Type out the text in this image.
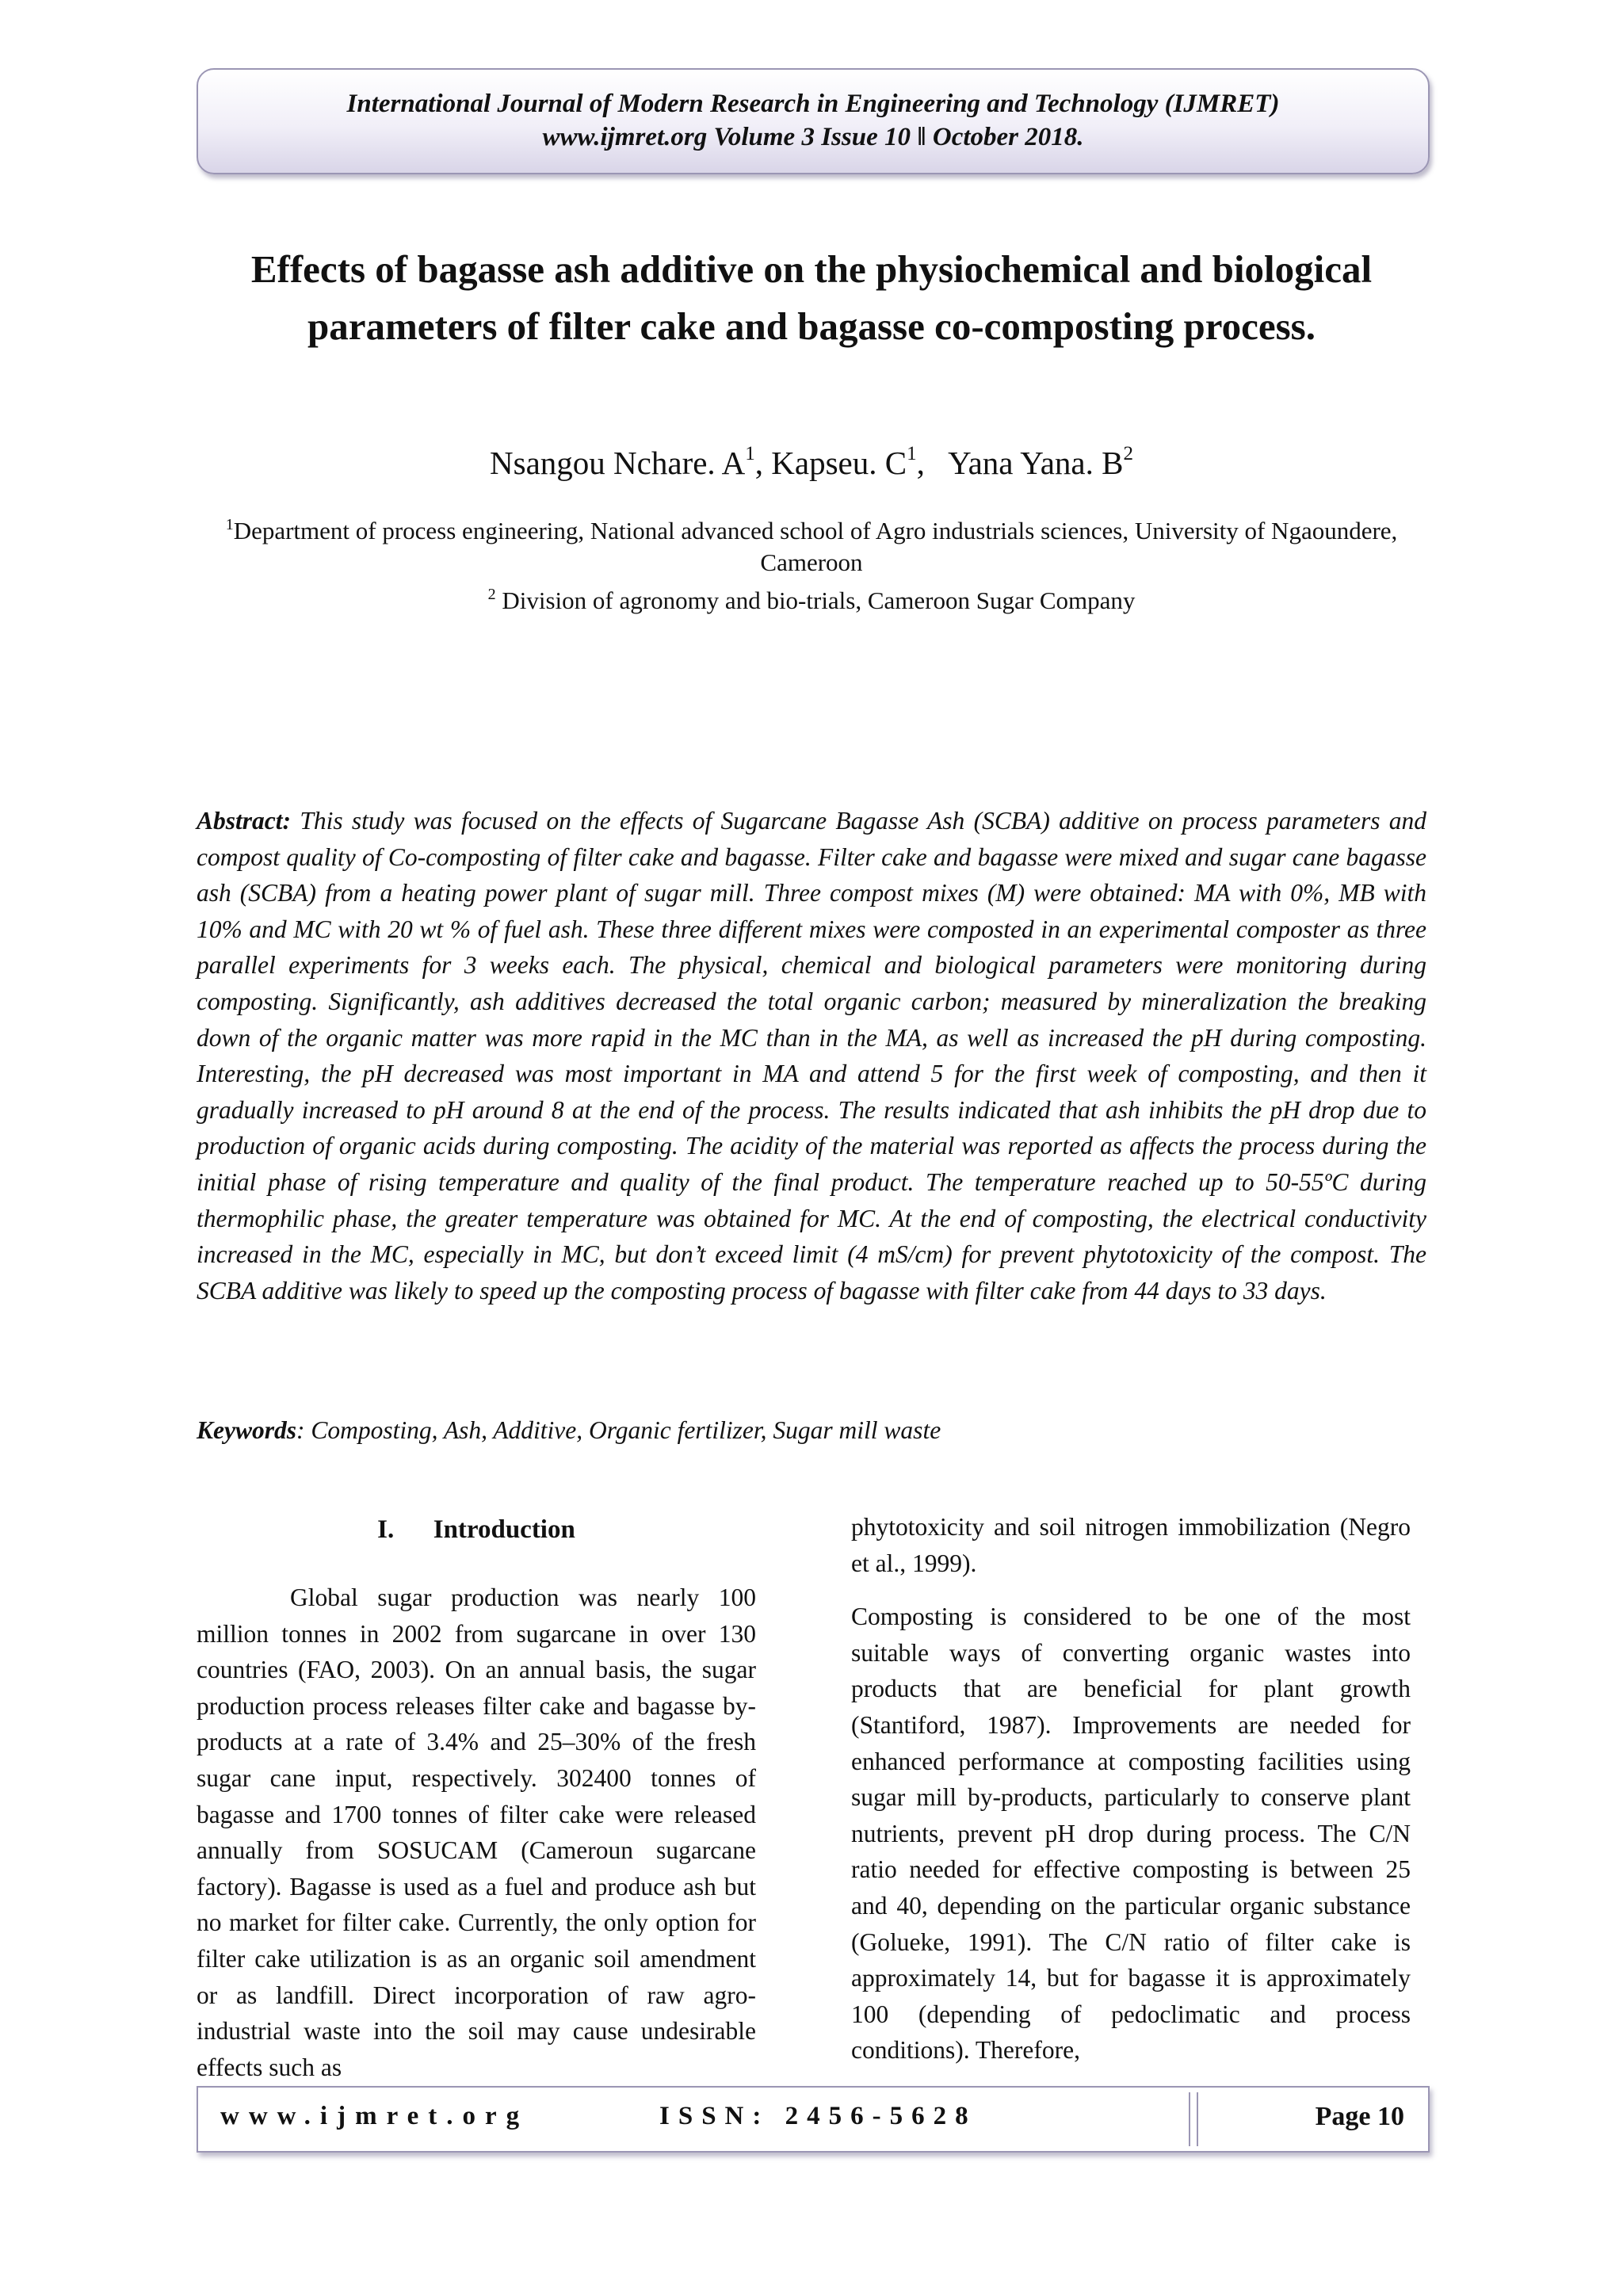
International Journal of Modern Research in Engineering and Technology (IJMRET)
www.ijmret.org Volume 3 Issue 10 ǁ October 2018.
Effects of bagasse ash additive on the physiochemical and biological parameters of filter cake and bagasse co-composting process.
Nsangou Nchare. $A^1$, Kapseu. $C^1$,   Yana Yana. $B^2$
$^1$Department of process engineering, National advanced school of Agro industrials sciences, University of Ngaoundere, Cameroon
$^2$ Division of agronomy and bio-trials, Cameroon Sugar Company
Abstract: This study was focused on the effects of Sugarcane Bagasse Ash (SCBA) additive on process parameters and compost quality of Co-composting of filter cake and bagasse. Filter cake and bagasse were mixed and sugar cane bagasse ash (SCBA) from a heating power plant of sugar mill. Three compost mixes (M) were obtained: MA with 0%, MB with 10% and MC with 20 wt % of fuel ash. These three different mixes were composted in an experimental composter as three parallel experiments for 3 weeks each. The physical, chemical and biological parameters were monitoring during composting. Significantly, ash additives decreased the total organic carbon; measured by mineralization the breaking down of the organic matter was more rapid in the MC than in the MA, as well as increased the pH during composting. Interesting, the pH decreased was most important in MA and attend 5 for the first week of composting, and then it gradually increased to pH around 8 at the end of the process. The results indicated that ash inhibits the pH drop due to production of organic acids during composting. The acidity of the material was reported as affects the process during the initial phase of rising temperature and quality of the final product. The temperature reached up to 50-55ºC during thermophilic phase, the greater temperature was obtained for MC. At the end of composting, the electrical conductivity increased in the MC, especially in MC, but don’t exceed limit (4 mS/cm) for prevent phytotoxicity of the compost. The SCBA additive was likely to speed up the composting process of bagasse with filter cake from 44 days to 33 days.
Keywords: Composting, Ash, Additive, Organic fertilizer, Sugar mill waste
I. Introduction

Global sugar production was nearly 100 million tonnes in 2002 from sugarcane in over 130 countries (FAO, 2003). On an annual basis, the sugar production process releases filter cake and bagasse by-products at a rate of 3.4% and 25–30% of the fresh sugar cane input, respectively. 302400 tonnes of bagasse and 1700 tonnes of filter cake were released annually from SOSUCAM (Cameroun sugarcane factory). Bagasse is used as a fuel and produce ash but no market for filter cake. Currently, the only option for filter cake utilization is as an organic soil amendment or as landfill. Direct incorporation of raw agro-industrial waste into the soil may cause undesirable effects such as

phytotoxicity and soil nitrogen immobilization (Negro et al., 1999).

Composting is considered to be one of the most suitable ways of converting organic wastes into products that are beneficial for plant growth (Stantiford, 1987). Improvements are needed for enhanced performance at composting facilities using sugar mill by-products, particularly to conserve plant nutrients, prevent pH drop during process. The C/N ratio needed for effective composting is between 25 and 40, depending on the particular organic substance (Golueke, 1991). The C/N ratio of filter cake is approximately 14, but for bagasse it is approximately 100 (depending of pedoclimatic and process conditions). Therefore,

www.ijmret.org	ISSN: 2456-5628	Page 10
